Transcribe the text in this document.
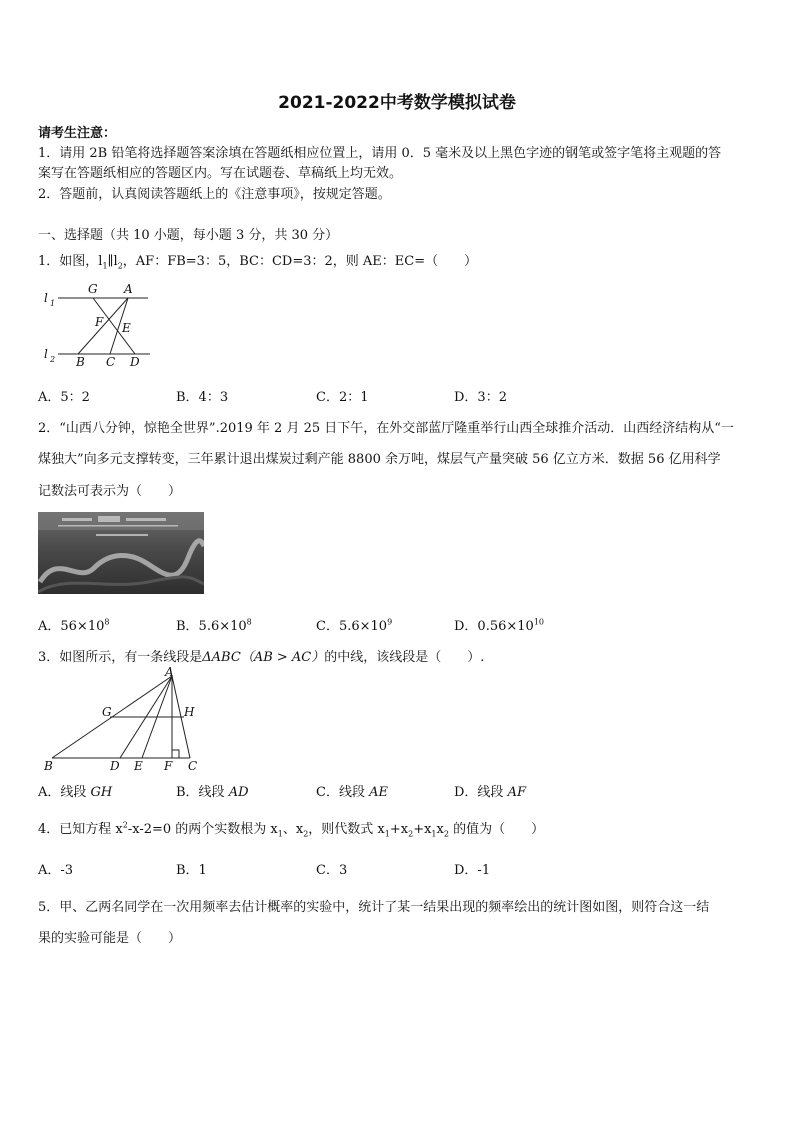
2021-2022中考数学模拟试卷
请考生注意：
1．请用 2B 铅笔将选择题答案涂填在答题纸相应位置上，请用 0．5 毫米及以上黑色字迹的钢笔或签字笔将主观题的答
案写在答题纸相应的答题区内。写在试题卷、草稿纸上均无效。
2．答题前，认真阅读答题纸上的《注意事项》，按规定答题。
一、选择题（共 10 小题，每小题 3 分，共 30 分）
1．如图，$l_1\parallel l_2$，AF：FB=3：5，BC：CD=3：2，则 AE：EC=（　　）
l 1
l 2
G A
F E
B C D
A．5：2	B．4：3	C．2：1	D．3：2
2．“山西八分钟，惊艳全世界”.2019 年 2 月 25 日下午，在外交部蓝厅隆重举行山西全球推介活动．山西经济结构从“一
煤独大”向多元支撑转变，三年累计退出煤炭过剩产能 8800 余万吨，煤层气产量突破 56 亿立方米．数据 56 亿用科学
记数法可表示为（　　）
A．$56\times 10^8$	B．$5.6\times 10^8$	C．$5.6\times 10^9$	D．$0.56\times 10^{10}$
3．如图所示，有一条线段是ΔABC（AB > AC）的中线，该线段是（　　）.
A
G	H
B	D E F C
A．线段 GH	B．线段 AD	C．线段 AE	D．线段 AF
4．已知方程 $x^2-x-2=0$ 的两个实数根为 $x_1$、$x_2$，则代数式 $x_1+x_2+x_1x_2$ 的值为（　　）
A．-3	B．1	C．3	D．-1
5．甲、乙两名同学在一次用频率去估计概率的实验中，统计了某一结果出现的频率绘出的统计图如图，则符合这一结
果的实验可能是（　　）
